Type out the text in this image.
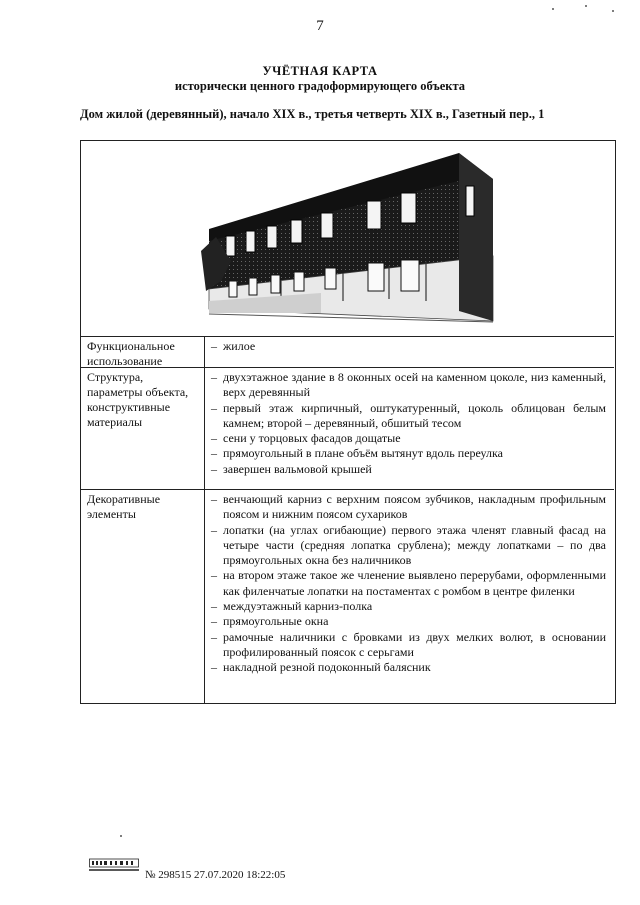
7
УЧЁТНАЯ КАРТА
исторически ценного градоформирующего объекта
Дом жилой (деревянный), начало XIX в., третья четверть XIX в., Газетный пер., 1
Функциональное использование
– жилое
Структура, параметры объекта, конструктивные материалы
– двухэтажное здание в 8 оконных осей на каменном цоколе, низ каменный, верх деревянный
– первый этаж кирпичный, оштукатуренный, цоколь облицован белым камнем; второй – деревянный, обшитый тесом
– сени у торцовых фасадов дощатые
– прямоугольный в плане объём вытянут вдоль переулка
– завершен вальмовой крышей
Декоративные элементы
– венчающий карниз с верхним поясом зубчиков, накладным профильным поясом и нижним поясом сухариков
– лопатки (на углах огибающие) первого этажа членят главный фасад на четыре части (средняя лопатка срублена); между лопатками – по два прямоугольных окна без наличников
– на втором этаже такое же членение выявлено перерубами, оформленными как филенчатые лопатки на постаментах с ромбом в центре филенки
– междуэтажный карниз-полка
– прямоугольные окна
– рамочные наличники с бровками из двух мелких волют, в основании профилированный поясок с серьгами
– накладной резной подоконный балясник
№ 298515 27.07.2020 18:22:05
